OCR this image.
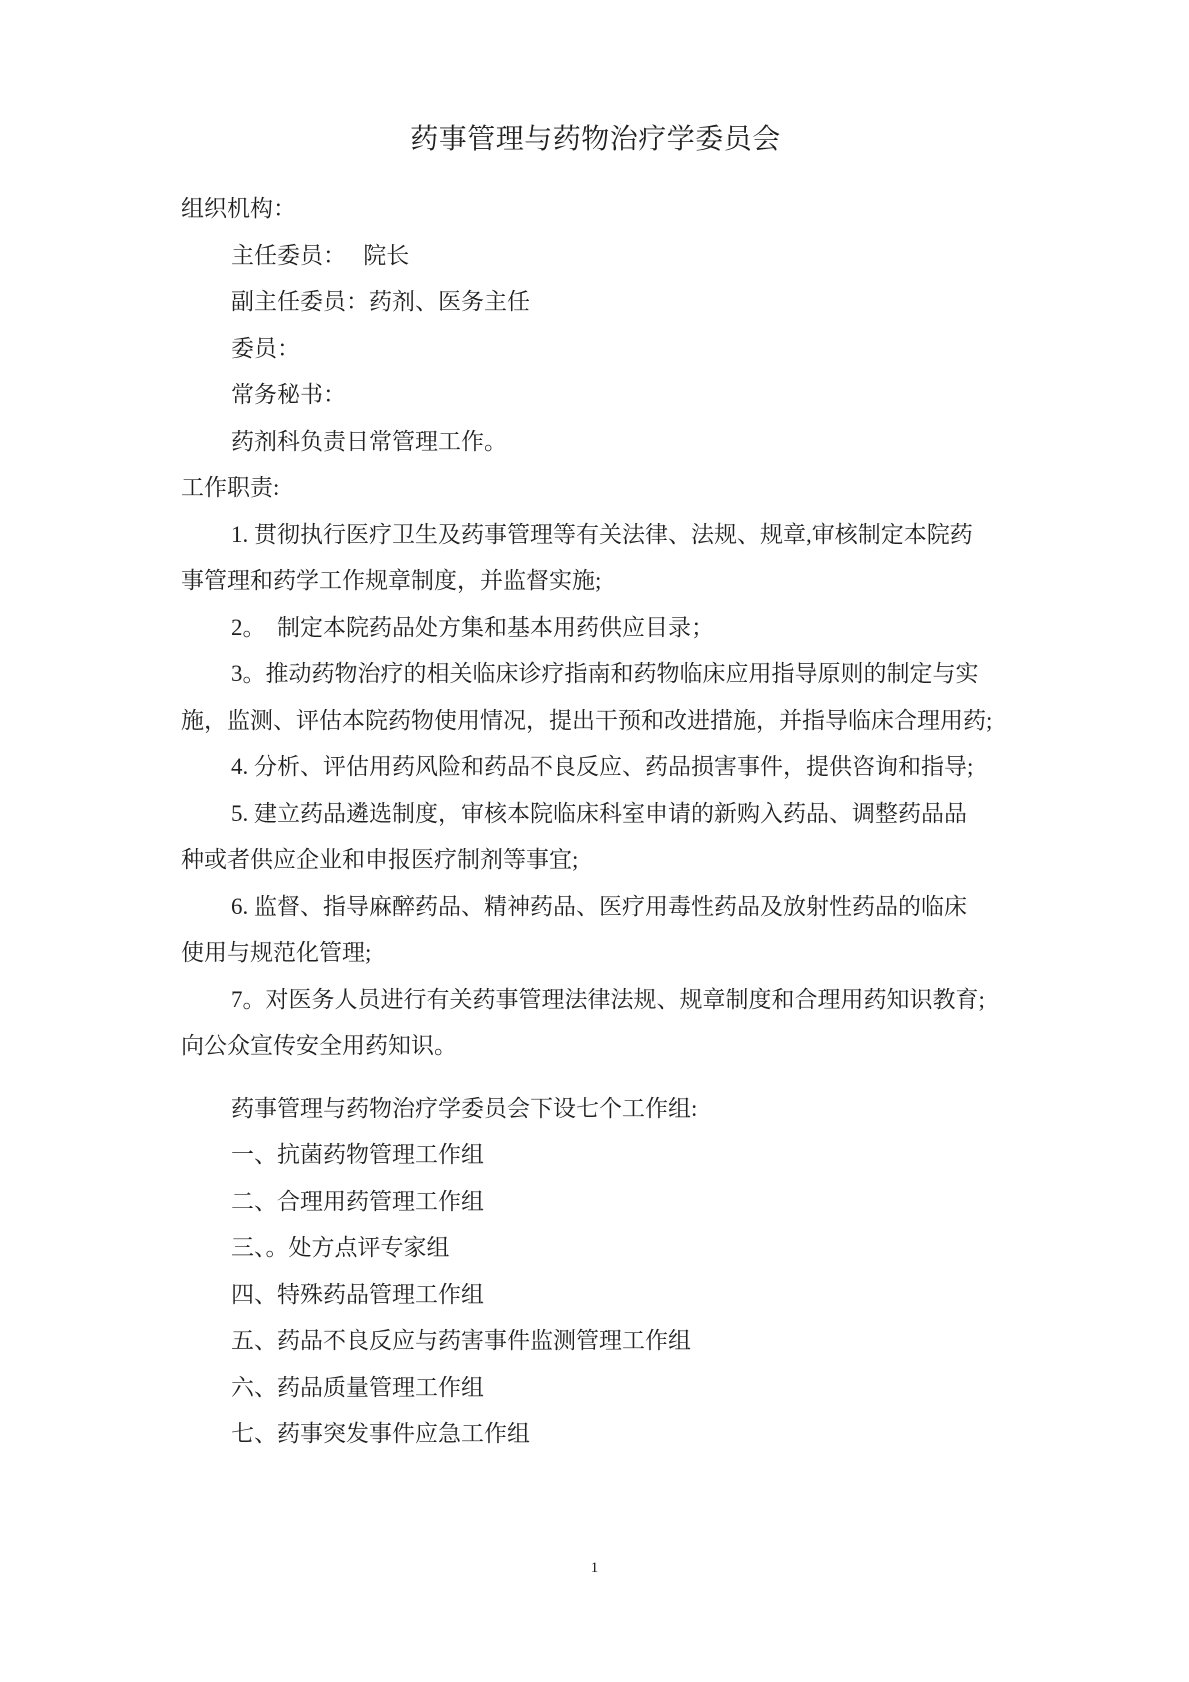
药事管理与药物治疗学委员会
组织机构：
主任委员：   院长
副主任委员：药剂、医务主任
委员：
常务秘书：
药剂科负责日常管理工作。
工作职责:
1. 贯彻执行医疗卫生及药事管理等有关法律、法规、规章,审核制定本院药
事管理和药学工作规章制度，并监督实施;
2。  制定本院药品处方集和基本用药供应目录；
3。推动药物治疗的相关临床诊疗指南和药物临床应用指导原则的制定与实
施，监测、评估本院药物使用情况，提出干预和改进措施，并指导临床合理用药;
4. 分析、评估用药风险和药品不良反应、药品损害事件，提供咨询和指导;
5. 建立药品遴选制度，审核本院临床科室申请的新购入药品、调整药品品
种或者供应企业和申报医疗制剂等事宜;
6. 监督、指导麻醉药品、精神药品、医疗用毒性药品及放射性药品的临床
使用与规范化管理;
7。对医务人员进行有关药事管理法律法规、规章制度和合理用药知识教育;
向公众宣传安全用药知识。
药事管理与药物治疗学委员会下设七个工作组:
一、抗菌药物管理工作组
二、合理用药管理工作组
三、。处方点评专家组
四、特殊药品管理工作组
五、药品不良反应与药害事件监测管理工作组
六、药品质量管理工作组
七、药事突发事件应急工作组
1
